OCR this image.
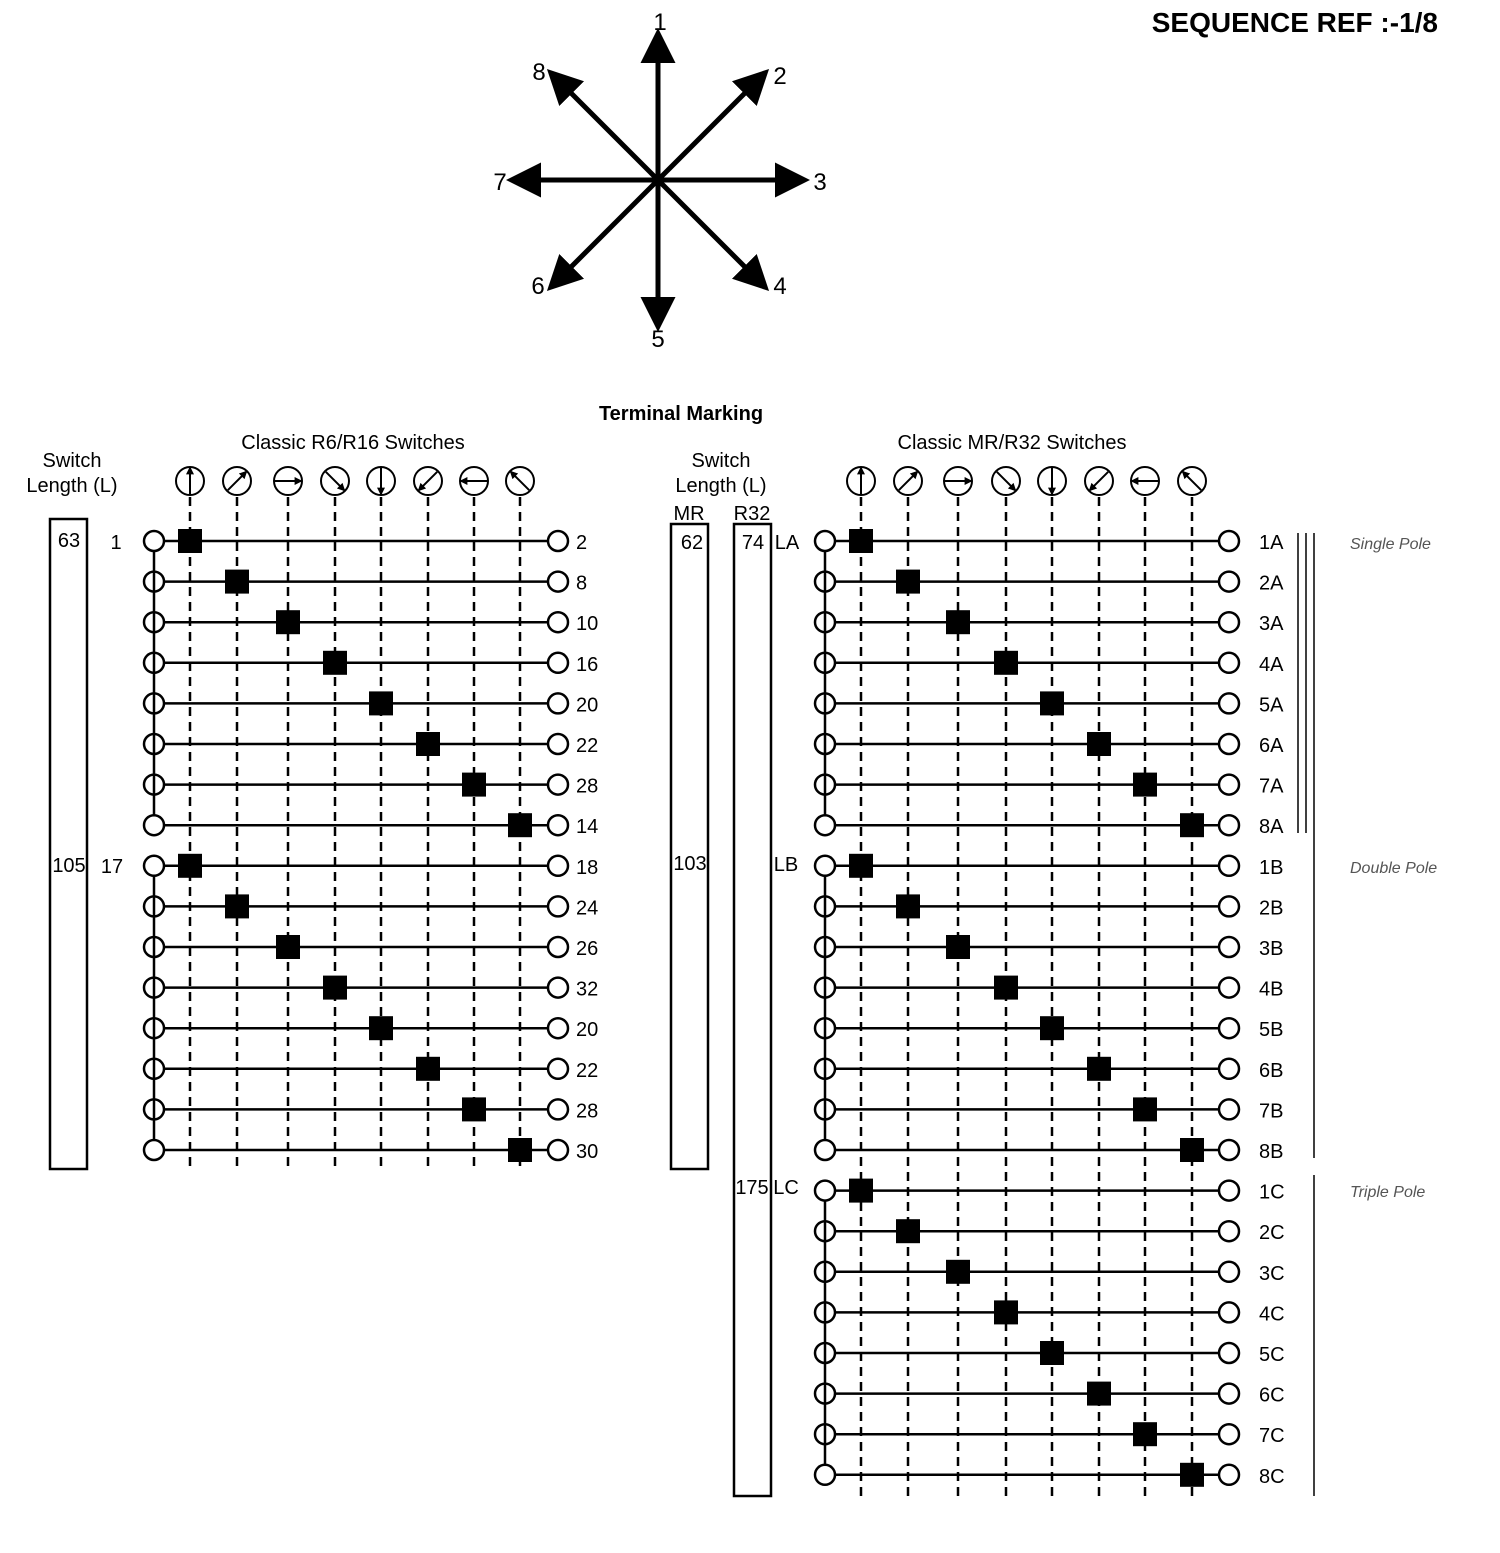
SEQUENCE REF :-1/8
1
2
3
4
5
6
7
8
Terminal Marking
Classic R6/R16 Switches
Switch
Length (L)
63
105
1
17
2
8
10
16
20
22
28
14
18
24
26
32
20
22
28
30
Classic MR/R32 Switches
Switch
Length (L)
MR R32
62
103
74
175
LA
LB
LC
1A
2A
3A
4A
5A
6A
7A
8A
1B
2B
3B
4B
5B
6B
7B
8B
1C
2C
3C
4C
5C
6C
7C
8C
Single Pole
Double Pole
Triple Pole
